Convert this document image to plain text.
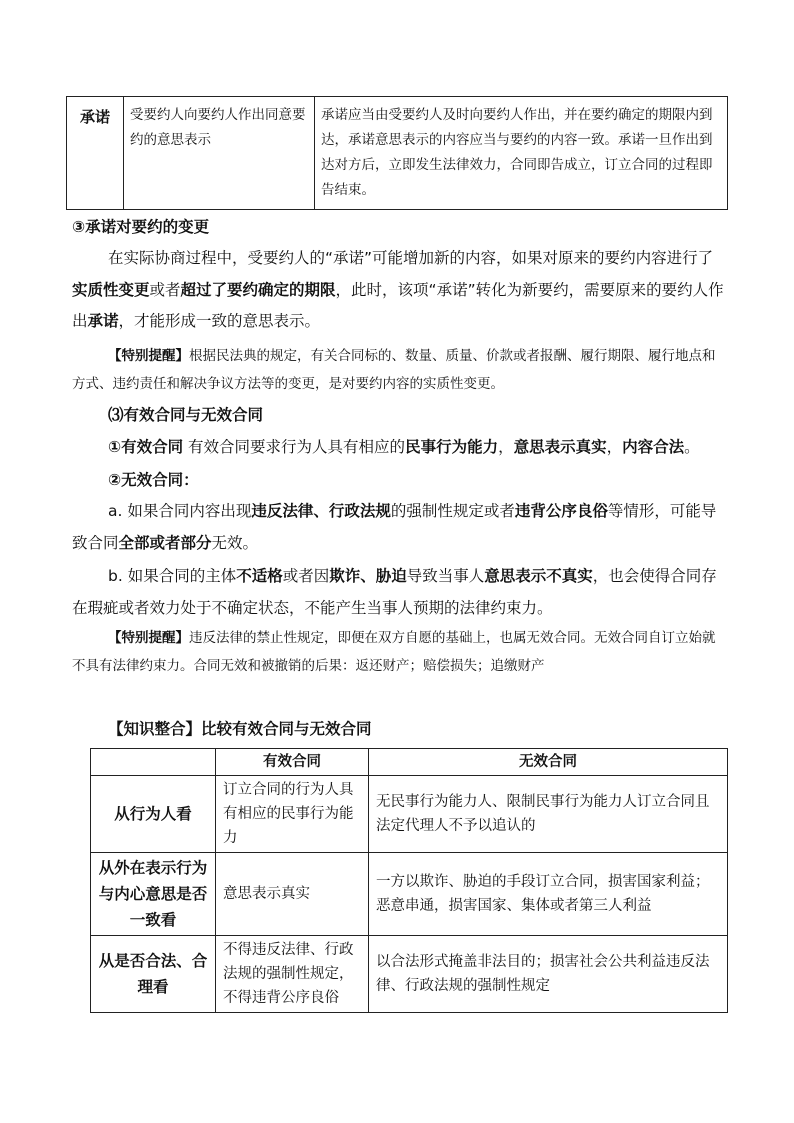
承诺	受要约人向要约人作出同意要约的意思表示	承诺应当由受要约人及时向要约人作出，并在要约确定的期限内到达，承诺意思表示的内容应当与要约的内容一致。承诺一旦作出到达对方后，立即发生法律效力，合同即告成立，订立合同的过程即告结束。
③承诺对要约的变更
在实际协商过程中，受要约人的“承诺”可能增加新的内容，如果对原来的要约内容进行了实质性变更或者超过了要约确定的期限，此时，该项“承诺”转化为新要约，需要原来的要约人作出承诺，才能形成一致的意思表示。
【特别提醒】根据民法典的规定，有关合同标的、数量、质量、价款或者报酬、履行期限、履行地点和方式、违约责任和解决争议方法等的变更，是对要约内容的实质性变更。
⑶有效合同与无效合同
①有效合同 有效合同要求行为人具有相应的民事行为能力，意思表示真实，内容合法。
②无效合同：
a. 如果合同内容出现违反法律、行政法规的强制性规定或者违背公序良俗等情形，可能导致合同全部或者部分无效。
b. 如果合同的主体不适格或者因欺诈、胁迫导致当事人意思表示不真实，也会使得合同存在瑕疵或者效力处于不确定状态，不能产生当事人预期的法律约束力。
【特别提醒】违反法律的禁止性规定，即便在双方自愿的基础上，也属无效合同。无效合同自订立始就不具有法律约束力。合同无效和被撤销的后果：返还财产；赔偿损失；追缴财产
【知识整合】比较有效合同与无效合同
	有效合同	无效合同
从行为人看	订立合同的行为人具有相应的民事行为能力	无民事行为能力人、限制民事行为能力人订立合同且法定代理人不予以追认的
从外在表示行为与内心意思是否一致看	意思表示真实	一方以欺诈、胁迫的手段订立合同，损害国家利益；恶意串通，损害国家、集体或者第三人利益
从是否合法、合理看	不得违反法律、行政法规的强制性规定，不得违背公序良俗	以合法形式掩盖非法目的；损害社会公共利益违反法律、行政法规的强制性规定
